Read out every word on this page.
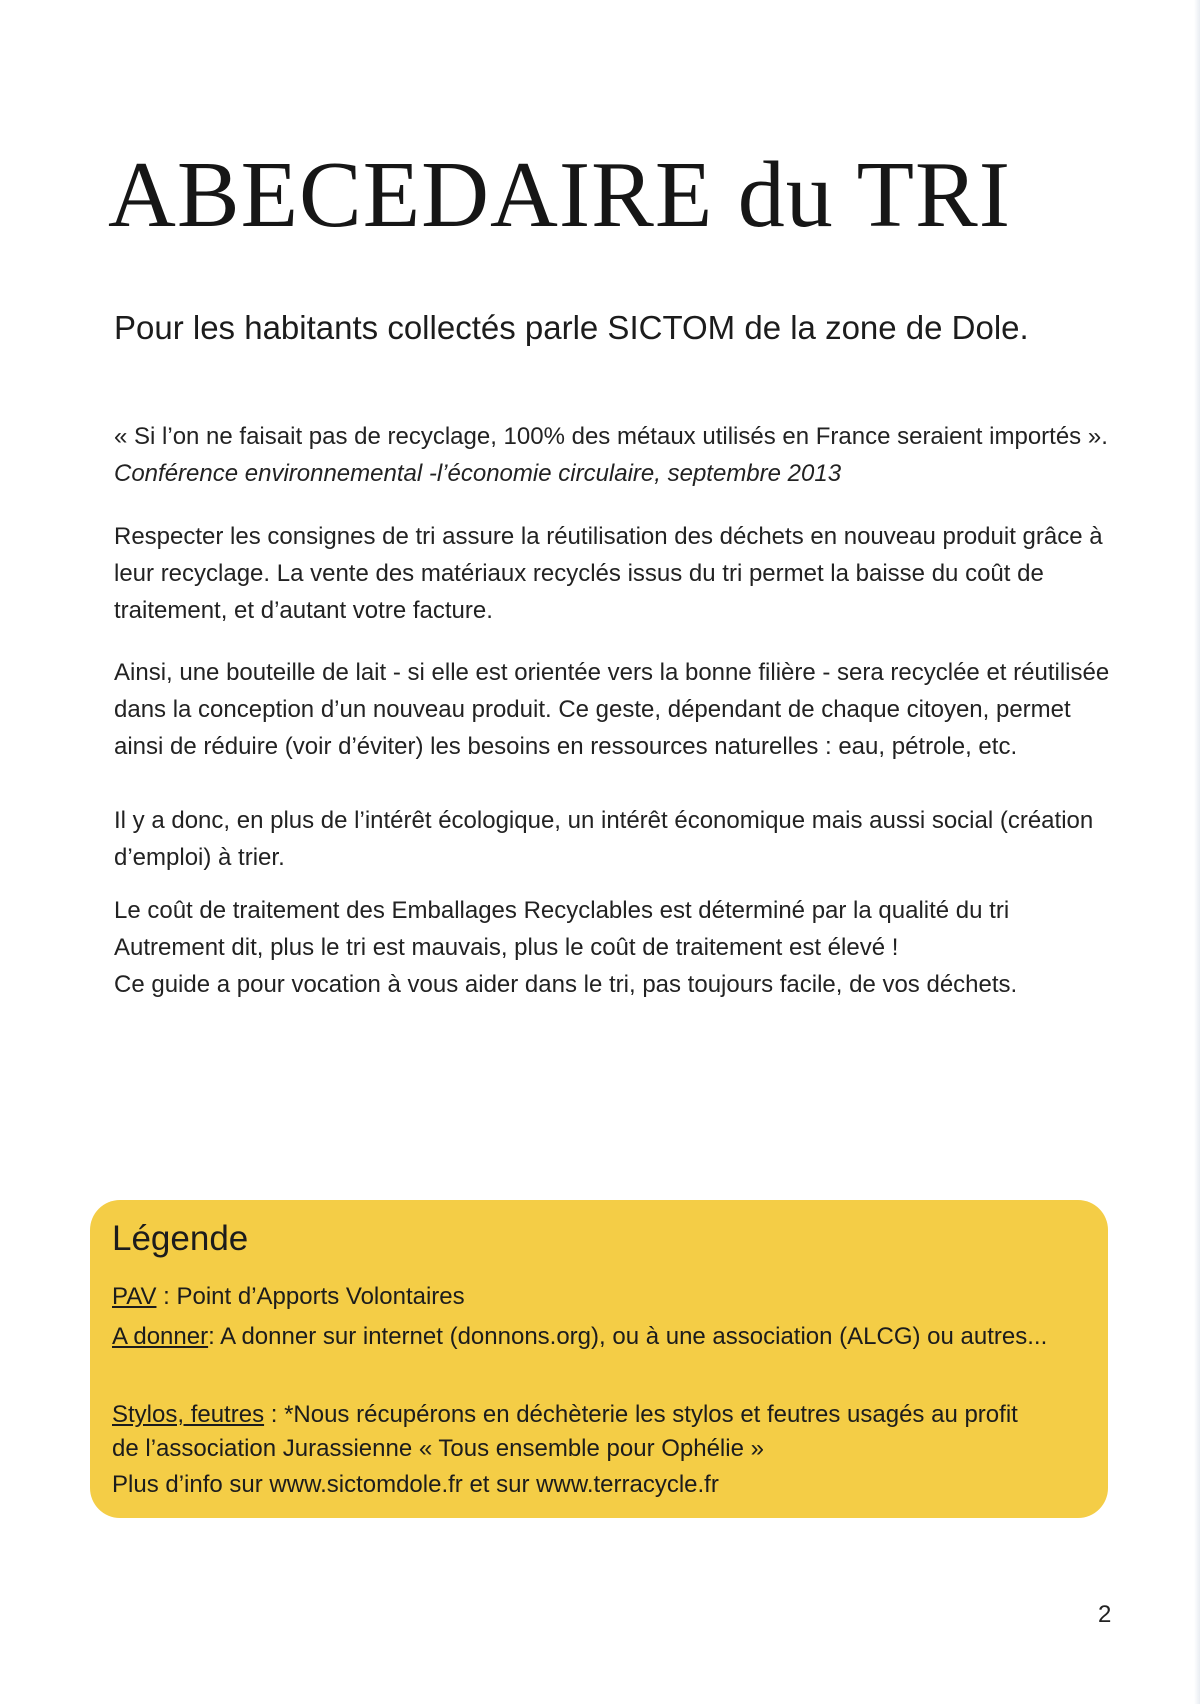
ABECEDAIRE du TRI
Pour les habitants collectés parle SICTOM de la zone de Dole.

« Si l’on ne faisait pas de recyclage, 100% des métaux utilisés en France seraient importés ». Conférence environnemental -l’économie circulaire, septembre 2013

Respecter les consignes de tri assure la réutilisation des déchets en nouveau produit grâce à leur recyclage. La vente des matériaux recyclés issus du tri permet la baisse du coût de traitement, et d’autant votre facture.

Ainsi, une bouteille de lait - si elle est orientée vers la bonne filière - sera recyclée et réutilisée dans la conception d’un nouveau produit. Ce geste, dépendant de chaque citoyen, permet ainsi de réduire (voir d’éviter) les besoins en ressources naturelles : eau, pétrole, etc.

Il y a donc, en plus de l’intérêt écologique, un intérêt économique mais aussi social (création d’emploi) à trier.

Le coût de traitement des Emballages Recyclables est déterminé par la qualité du tri
Autrement dit, plus le tri est mauvais, plus le coût de traitement est élevé !
Ce guide a pour vocation à vous aider dans le tri, pas toujours facile, de vos déchets.
Légende

PAV : Point d’Apports Volontaires

A donner: A donner sur internet (donnons.org), ou à une association (ALCG) ou autres...

Stylos, feutres : *Nous récupérons en déchèterie les stylos et feutres usagés au profit

de l’association Jurassienne « Tous ensemble pour Ophélie »

Plus d’info sur www.sictomdole.fr et sur www.terracycle.fr

2
